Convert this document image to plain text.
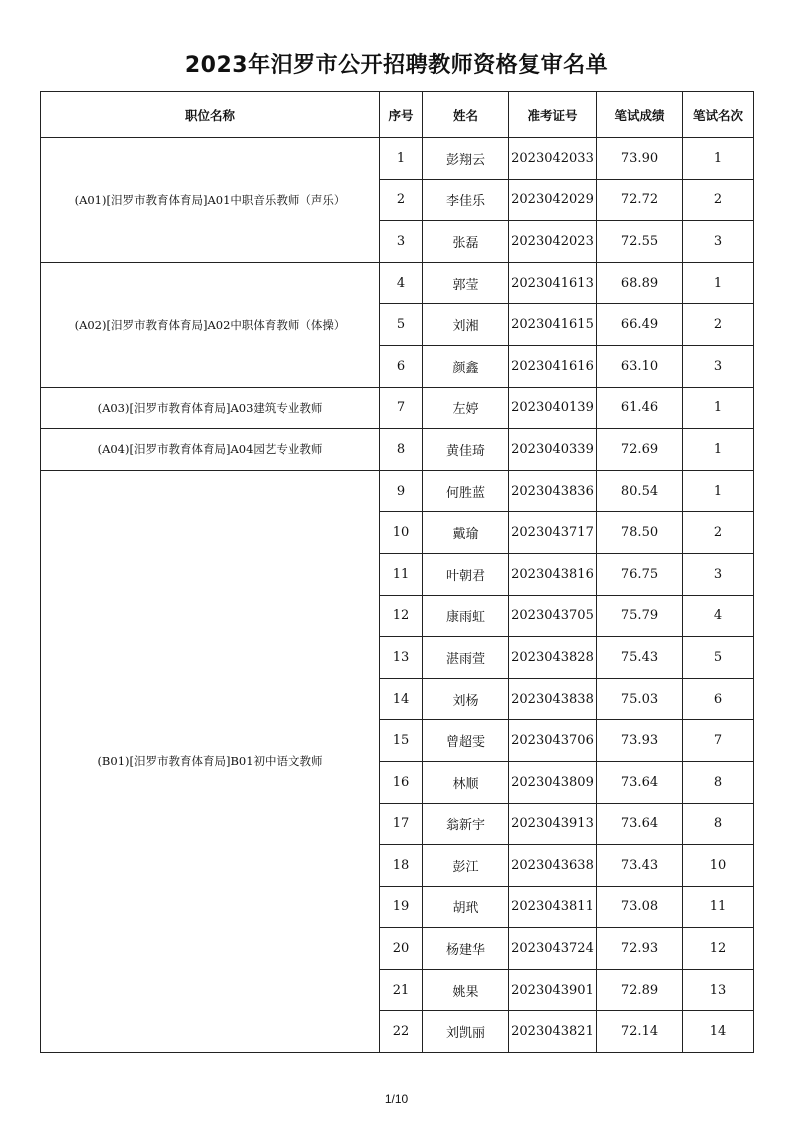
2023年汨罗市公开招聘教师资格复审名单
职位名称	序号	姓名	准考证号	笔试成绩	笔试名次
(A01)[汨罗市教育体育局]A01中职音乐教师（声乐）	1	彭翔云	2023042033	73.90	1
	2	李佳乐	2023042029	72.72	2
	3	张磊	2023042023	72.55	3
(A02)[汨罗市教育体育局]A02中职体育教师（体操）	4	郭莹	2023041613	68.89	1
	5	刘湘	2023041615	66.49	2
	6	颜鑫	2023041616	63.10	3
(A03)[汨罗市教育体育局]A03建筑专业教师	7	左婷	2023040139	61.46	1
(A04)[汨罗市教育体育局]A04园艺专业教师	8	黄佳琦	2023040339	72.69	1
(B01)[汨罗市教育体育局]B01初中语文教师	9	何胜蓝	2023043836	80.54	1
	10	戴瑜	2023043717	78.50	2
	11	叶朝君	2023043816	76.75	3
	12	康雨虹	2023043705	75.79	4
	13	湛雨萱	2023043828	75.43	5
	14	刘杨	2023043838	75.03	6
	15	曾超雯	2023043706	73.93	7
	16	林顺	2023043809	73.64	8
	17	翁新宇	2023043913	73.64	8
	18	彭江	2023043638	73.43	10
	19	胡玳	2023043811	73.08	11
	20	杨建华	2023043724	72.93	12
	21	姚果	2023043901	72.89	13
	22	刘凯丽	2023043821	72.14	14
1/10
